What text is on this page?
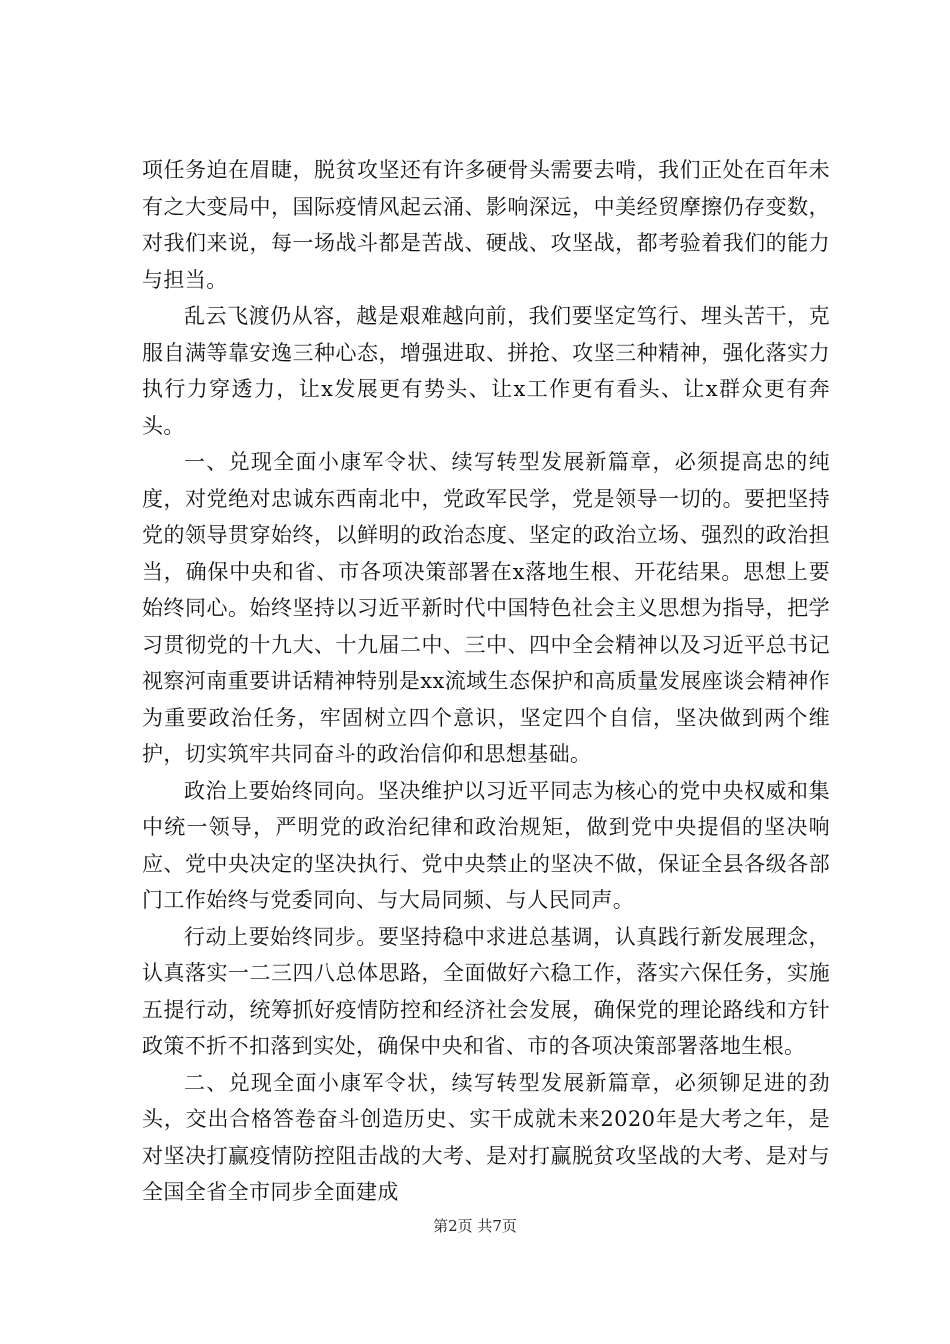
项任务迫在眉睫，脱贫攻坚还有许多硬骨头需要去啃，我们正处在百年未有之大变局中，国际疫情风起云涌、影响深远，中美经贸摩擦仍存变数，对我们来说，每一场战斗都是苦战、硬战、攻坚战，都考验着我们的能力与担当。

乱云飞渡仍从容，越是艰难越向前，我们要坚定笃行、埋头苦干，克服自满等靠安逸三种心态，增强进取、拼抢、攻坚三种精神，强化落实力执行力穿透力，让x发展更有势头、让x工作更有看头、让x群众更有奔头。

一、兑现全面小康军令状、续写转型发展新篇章，必须提高忠的纯度，对党绝对忠诚东西南北中，党政军民学，党是领导一切的。要把坚持党的领导贯穿始终，以鲜明的政治态度、坚定的政治立场、强烈的政治担当，确保中央和省、市各项决策部署在x落地生根、开花结果。思想上要始终同心。始终坚持以习近平新时代中国特色社会主义思想为指导，把学习贯彻党的十九大、十九届二中、三中、四中全会精神以及习近平总书记视察河南重要讲话精神特别是xx流域生态保护和高质量发展座谈会精神作为重要政治任务，牢固树立四个意识，坚定四个自信，坚决做到两个维护，切实筑牢共同奋斗的政治信仰和思想基础。

政治上要始终同向。坚决维护以习近平同志为核心的党中央权威和集中统一领导，严明党的政治纪律和政治规矩，做到党中央提倡的坚决响应、党中央决定的坚决执行、党中央禁止的坚决不做，保证全县各级各部门工作始终与党委同向、与大局同频、与人民同声。

行动上要始终同步。要坚持稳中求进总基调，认真践行新发展理念，认真落实一二三四八总体思路，全面做好六稳工作，落实六保任务，实施五提行动，统筹抓好疫情防控和经济社会发展，确保党的理论路线和方针政策不折不扣落到实处，确保中央和省、市的各项决策部署落地生根。

二、兑现全面小康军令状，续写转型发展新篇章，必须铆足进的劲头，交出合格答卷奋斗创造历史、实干成就未来2020年是大考之年，是对坚决打赢疫情防控阻击战的大考、是对打赢脱贫攻坚战的大考、是对与全国全省全市同步全面建成

第2页 共7页
